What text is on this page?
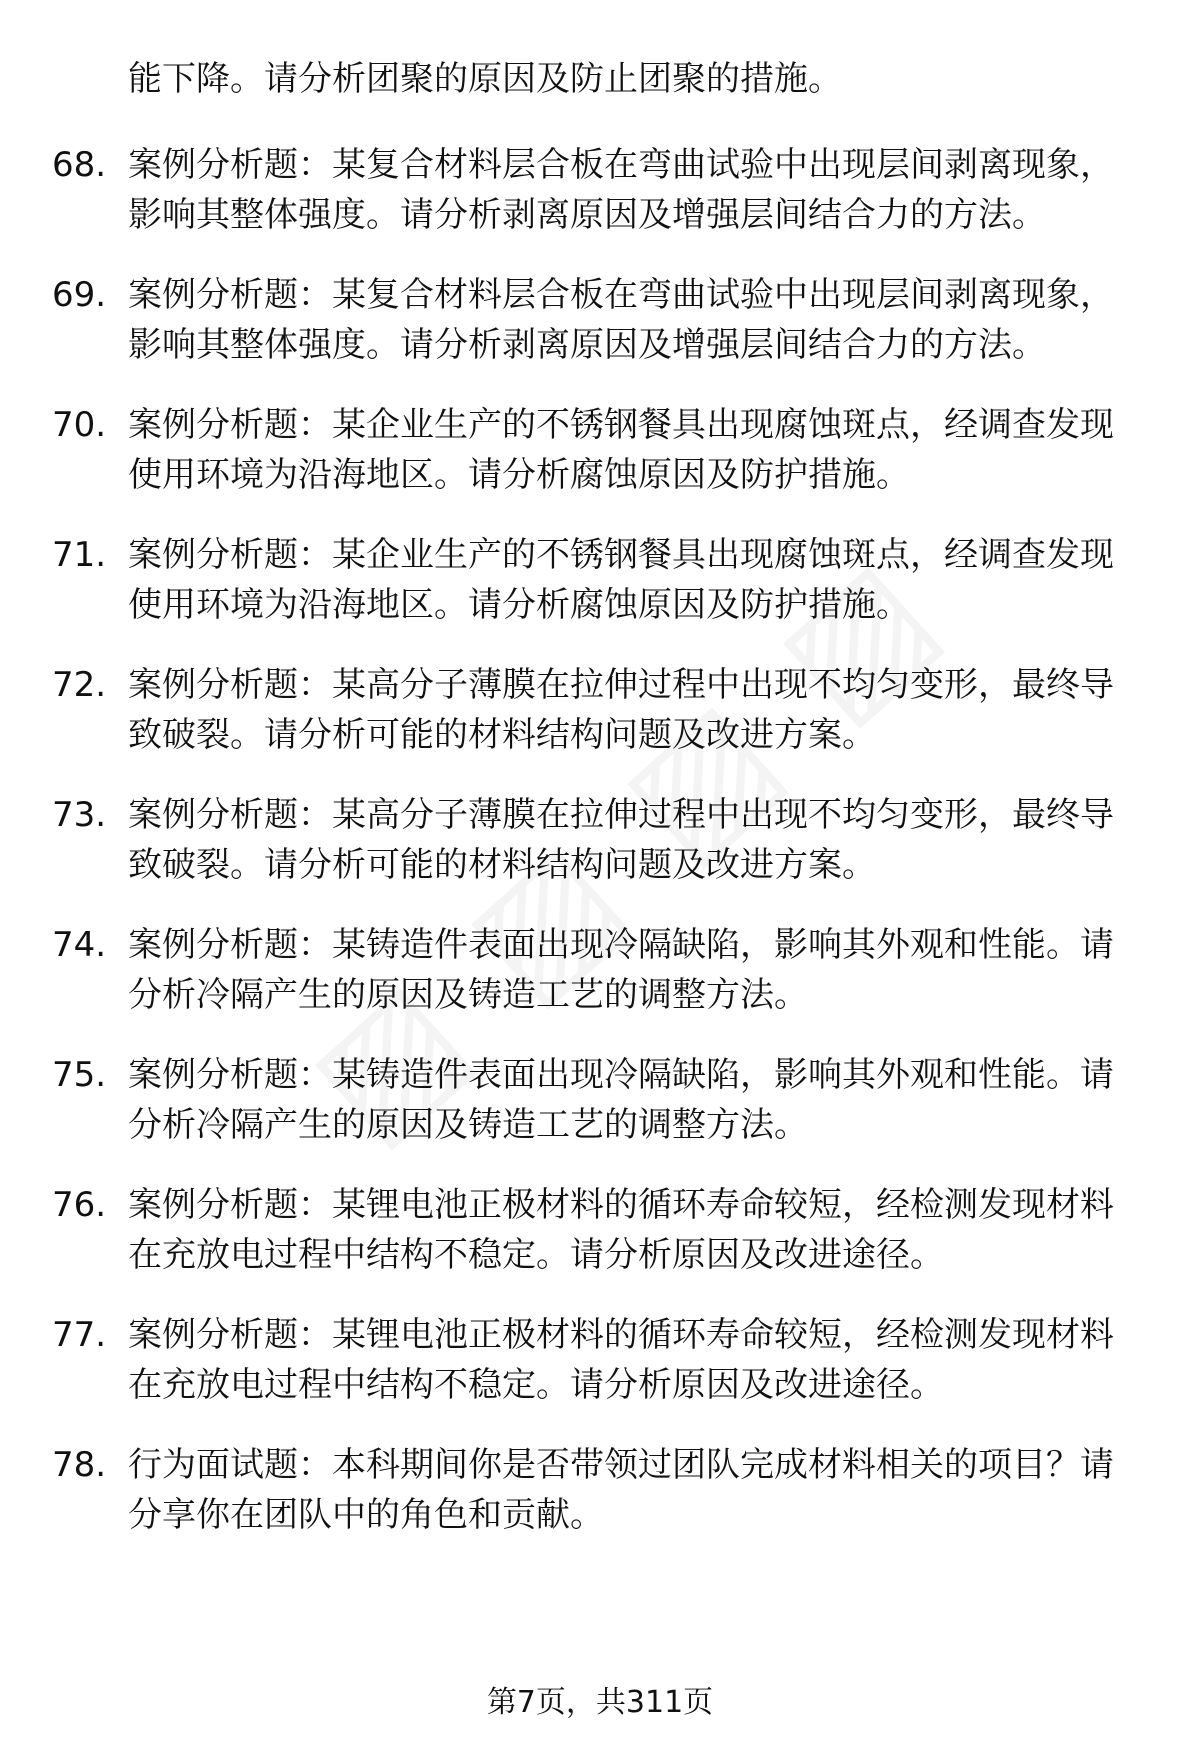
能下降。请分析团聚的原因及防止团聚的措施。
68. 案例分析题：某复合材料层合板在弯曲试验中出现层间剥离现象，影响其整体强度。请分析剥离原因及增强层间结合力的方法。
69. 案例分析题：某复合材料层合板在弯曲试验中出现层间剥离现象，影响其整体强度。请分析剥离原因及增强层间结合力的方法。
70. 案例分析题：某企业生产的不锈钢餐具出现腐蚀斑点，经调查发现使用环境为沿海地区。请分析腐蚀原因及防护措施。
71. 案例分析题：某企业生产的不锈钢餐具出现腐蚀斑点，经调查发现使用环境为沿海地区。请分析腐蚀原因及防护措施。
72. 案例分析题：某高分子薄膜在拉伸过程中出现不均匀变形，最终导致破裂。请分析可能的材料结构问题及改进方案。
73. 案例分析题：某高分子薄膜在拉伸过程中出现不均匀变形，最终导致破裂。请分析可能的材料结构问题及改进方案。
74. 案例分析题：某铸造件表面出现冷隔缺陷，影响其外观和性能。请分析冷隔产生的原因及铸造工艺的调整方法。
75. 案例分析题：某铸造件表面出现冷隔缺陷，影响其外观和性能。请分析冷隔产生的原因及铸造工艺的调整方法。
76. 案例分析题：某锂电池正极材料的循环寿命较短，经检测发现材料在充放电过程中结构不稳定。请分析原因及改进途径。
77. 案例分析题：某锂电池正极材料的循环寿命较短，经检测发现材料在充放电过程中结构不稳定。请分析原因及改进途径。
78. 行为面试题：本科期间你是否带领过团队完成材料相关的项目？请分享你在团队中的角色和贡献。
第7页，共311页
